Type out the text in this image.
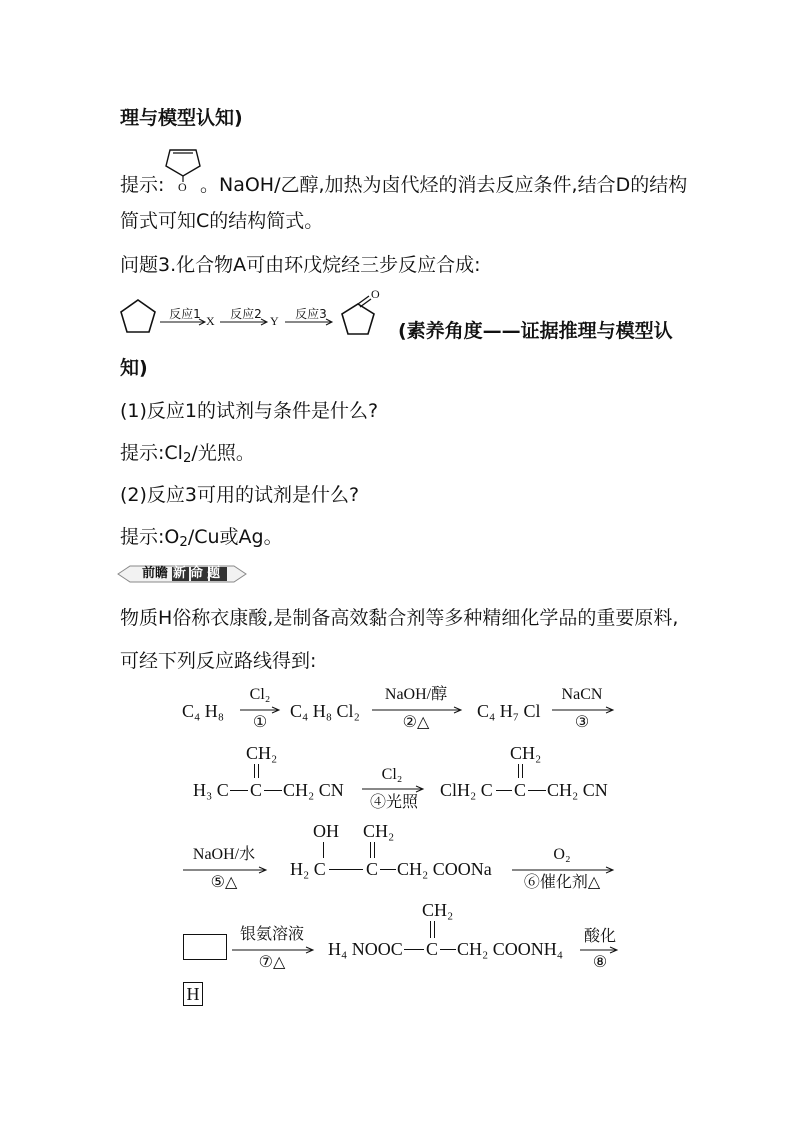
理与模型认知)
提示: O 。NaOH/乙醇,加热为卤代烃的消去反应条件,结合D的结构
简式可知C的结构简式。
问题3.化合物A可由环戊烷经三步反应合成:
反应1 X	反应2 → Y	反应3
O
(素养角度——证据推理与模型认
知)
(1)反应1的试剂与条件是什么?
提示$:Cl_2/$光照。
(2)反应3可用的试剂是什么?
提示$:O_2/Cu$或Ag。
前瞻 新 命 题
物质H俗称衣康酸,是制备高效黏合剂等多种精细化学品的重要原料,
可经下列反应路线得到:
C₄ H₈
Cl₂
①
C₄ H₈ Cl₂
NaOH/醇
②△
C₄ H₇ Cl
NaCN
③
CH₂
H₃ C C CH₂ CN
Cl₂
④光照
CH₂
ClH₂ C C CH₂ CN
NaOH/水
⑤△
OH CH₂
H₂ C C CH₂ COONa
O₂
⑥催化剂△
银氨溶液
⑦△
CH₂
H₄ NOOC C CH₂ COONH₄
酸化
⑧
H
